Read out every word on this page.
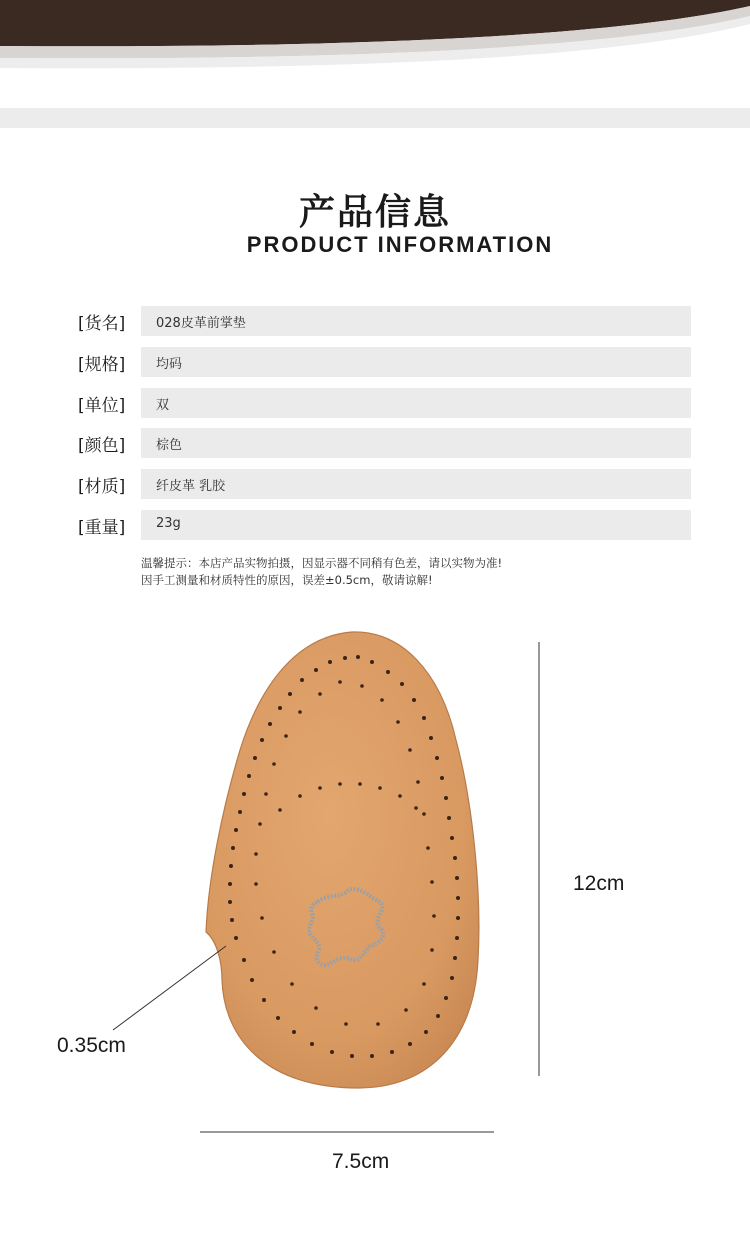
产品信息
PRODUCT INFORMATION
[货名] 028皮革前掌垫
[规格] 均码
[单位] 双
[颜色] 棕色
[材质] 纤皮革 乳胶
[重量] 23g
温馨提示：本店产品实物拍摄，因显示器不同稍有色差，请以实物为准!
因手工测量和材质特性的原因，误差±0.5cm，敬请谅解!
12cm
7.5cm
0.35cm
